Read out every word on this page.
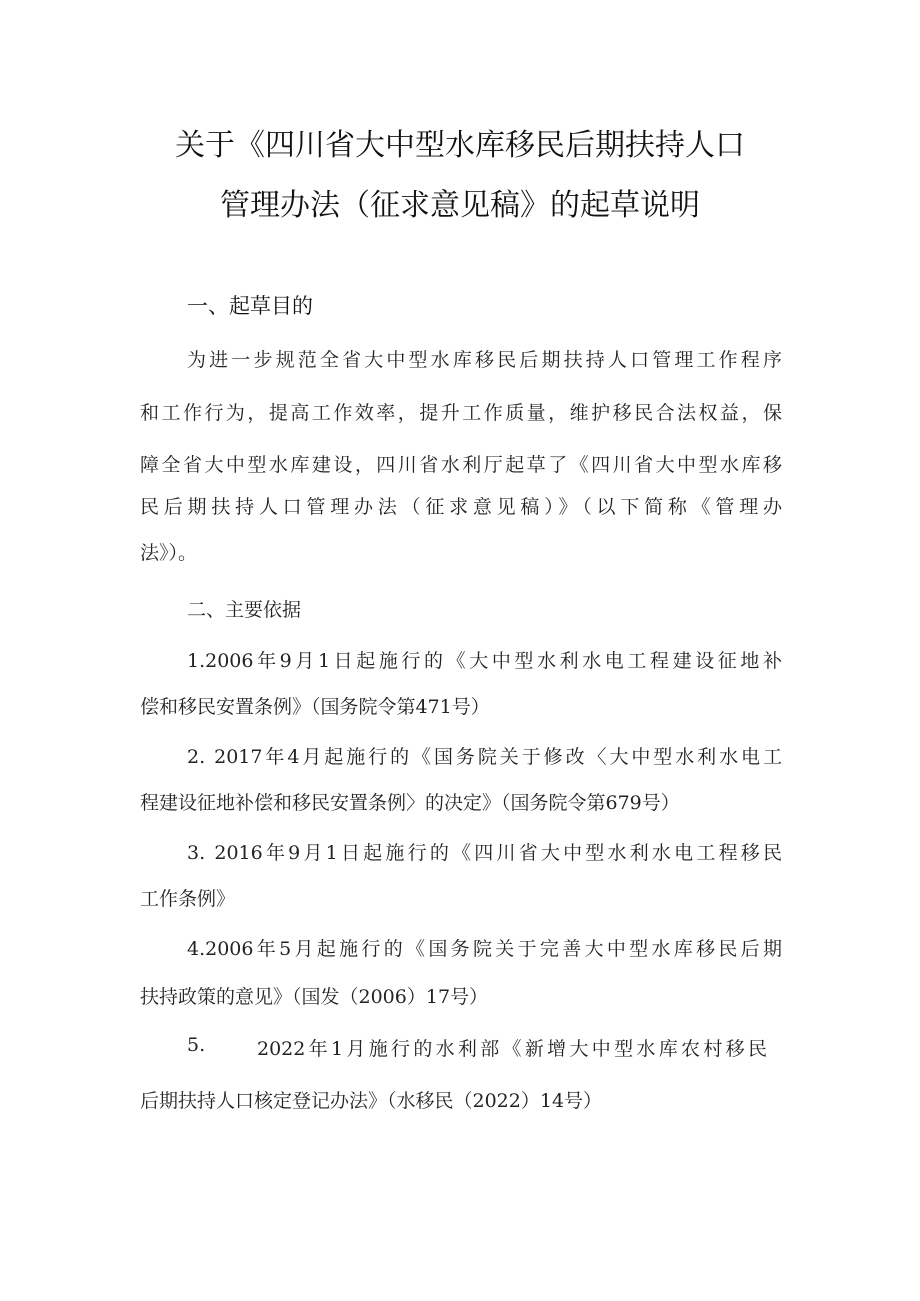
关于《四川省大中型水库移民后期扶持人口
管理办法（征求意见稿》的起草说明
一、起草目的
为进一步规范全省大中型水库移民后期扶持人口管理工作程序
和工作行为，提高工作效率，提升工作质量，维护移民合法权益，保
障全省大中型水库建设，四川省水利厅起草了《四川省大中型水库移
民后期扶持人口管理办法（征求意见稿）》（以下简称《管理办
法》）。
二、主要依据
1.2006年9月1日起施行的《大中型水利水电工程建设征地补
偿和移民安置条例》（国务院令第471号）
2. 2017年4月起施行的《国务院关于修改〈大中型水利水电工
程建设征地补偿和移民安置条例〉的决定》（国务院令第679号）
3. 2016年9月1日起施行的《四川省大中型水利水电工程移民
工作条例》
4.2006年5月起施行的《国务院关于完善大中型水库移民后期
扶持政策的意见》（国发（2006）17号）
5.	2022年1月施行的水利部《新增大中型水库农村移民
后期扶持人口核定登记办法》（水移民（2022）14号）
